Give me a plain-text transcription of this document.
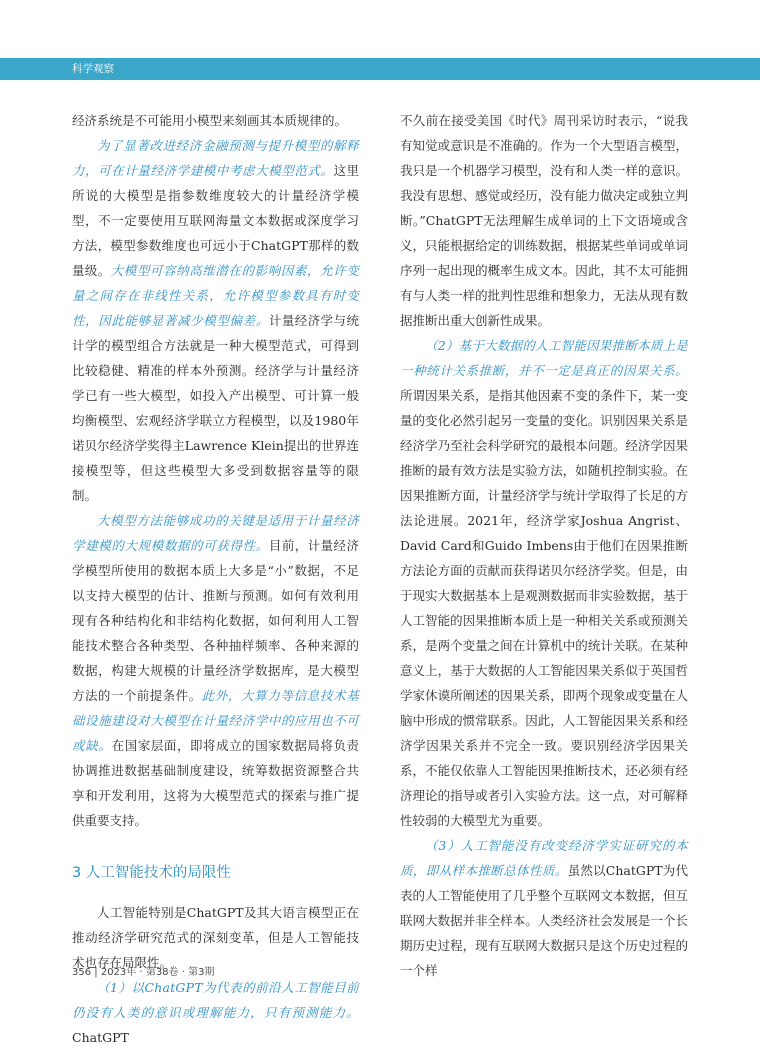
科学观察

经济系统是不可能用小模型来刻画其本质规律的。

为了显著改进经济金融预测与提升模型的解释力，可在计量经济学建模中考虑大模型范式。这里所说的大模型是指参数维度较大的计量经济学模型，不一定要使用互联网海量文本数据或深度学习方法，模型参数维度也可远小于ChatGPT那样的数量级。大模型可容纳高维潜在的影响因素，允许变量之间存在非线性关系，允许模型参数具有时变性，因此能够显著减少模型偏差。计量经济学与统计学的模型组合方法就是一种大模型范式，可得到比较稳健、精准的样本外预测。经济学与计量经济学已有一些大模型，如投入产出模型、可计算一般均衡模型、宏观经济学联立方程模型，以及1980年诺贝尔经济学奖得主Lawrence Klein提出的世界连接模型等，但这些模型大多受到数据容量等的限制。

大模型方法能够成功的关键是适用于计量经济学建模的大规模数据的可获得性。目前，计量经济学模型所使用的数据本质上大多是“小”数据，不足以支持大模型的估计、推断与预测。如何有效利用现有各种结构化和非结构化数据，如何利用人工智能技术整合各种类型、各种抽样频率、各种来源的数据，构建大规模的计量经济学数据库，是大模型方法的一个前提条件。此外，大算力等信息技术基础设施建设对大模型在计量经济学中的应用也不可或缺。在国家层面，即将成立的国家数据局将负责协调推进数据基础制度建设，统筹数据资源整合共享和开发利用，这将为大模型范式的探索与推广提供重要支持。

3 人工智能技术的局限性

人工智能特别是ChatGPT及其大语言模型正在推动经济学研究范式的深刻变革，但是人工智能技术也存在局限性。

（1）以ChatGPT为代表的前沿人工智能目前仍没有人类的意识或理解能力，只有预测能力。ChatGPT

不久前在接受美国《时代》周刊采访时表示，“说我有知觉或意识是不准确的。作为一个大型语言模型，我只是一个机器学习模型，没有和人类一样的意识。我没有思想、感觉或经历，没有能力做决定或独立判断。”ChatGPT无法理解生成单词的上下文语境或含义，只能根据给定的训练数据，根据某些单词或单词序列一起出现的概率生成文本。因此，其不太可能拥有与人类一样的批判性思维和想象力，无法从现有数据推断出重大创新性成果。

（2）基于大数据的人工智能因果推断本质上是一种统计关系推断，并不一定是真正的因果关系。所谓因果关系，是指其他因素不变的条件下，某一变量的变化必然引起另一变量的变化。识别因果关系是经济学乃至社会科学研究的最根本问题。经济学因果推断的最有效方法是实验方法，如随机控制实验。在因果推断方面，计量经济学与统计学取得了长足的方法论进展。2021年，经济学家Joshua Angrist、David Card和Guido Imbens由于他们在因果推断方法论方面的贡献而获得诺贝尔经济学奖。但是，由于现实大数据基本上是观测数据而非实验数据，基于人工智能的因果推断本质上是一种相关关系或预测关系，是两个变量之间在计算机中的统计关联。在某种意义上，基于大数据的人工智能因果关系似于英国哲学家休谟所阐述的因果关系，即两个现象或变量在人脑中形成的惯常联系。因此，人工智能因果关系和经济学因果关系并不完全一致。要识别经济学因果关系，不能仅依靠人工智能因果推断技术，还必须有经济理论的指导或者引入实验方法。这一点，对可解释性较弱的大模型尤为重要。

（3）人工智能没有改变经济学实证研究的本质，即从样本推断总体性质。虽然以ChatGPT为代表的人工智能使用了几乎整个互联网文本数据，但互联网大数据并非全样本。人类经济社会发展是一个长期历史过程，现有互联网大数据只是这个历史过程的一个样

356 | 2023年 · 第38卷 · 第3期
